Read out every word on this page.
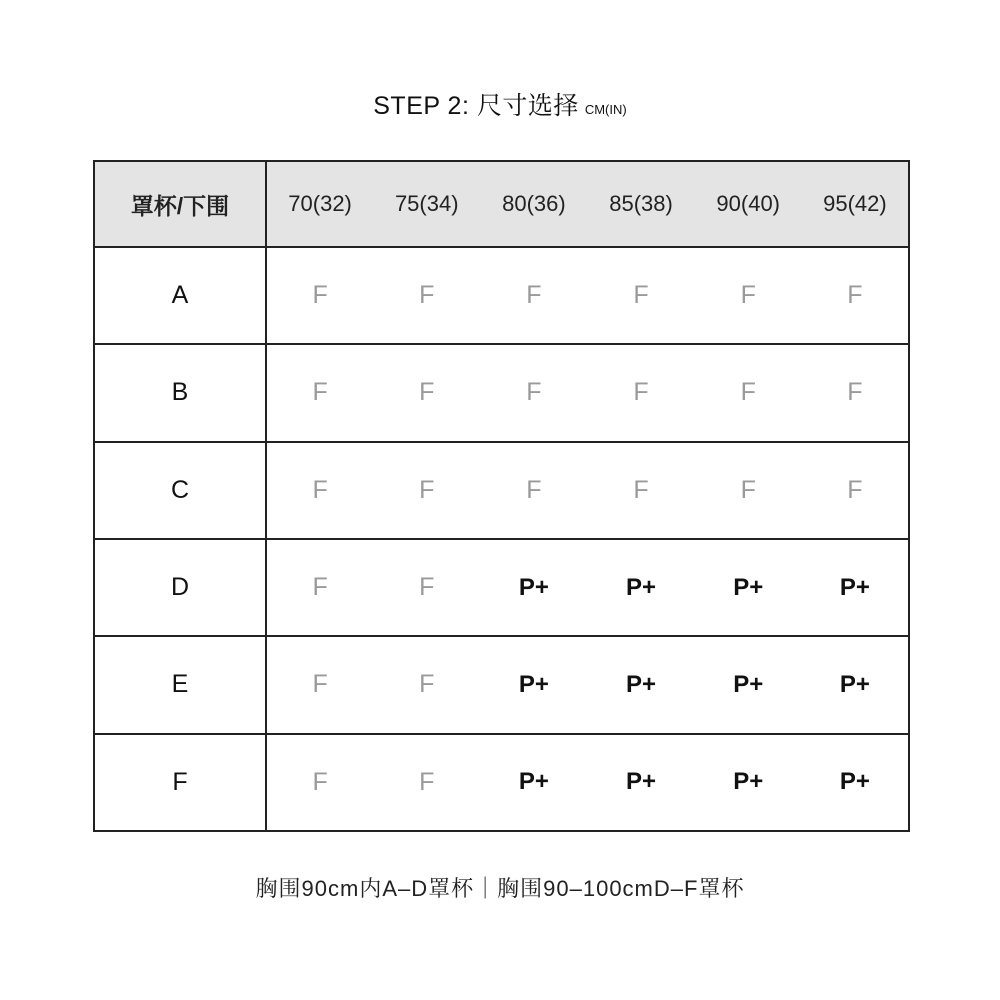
STEP 2: 尺寸选择 CM(IN)
罩杯/下围	70(32)	75(34)	80(36)	85(38)	90(40)	95(42)
A	F	F	F	F	F	F
B	F	F	F	F	F	F
C	F	F	F	F	F	F
D	F	F	P+	P+	P+	P+
E	F	F	P+	P+	P+	P+
F	F	F	P+	P+	P+	P+
胸围90cm内A–D罩杯｜胸围90–100cmD–F罩杯
